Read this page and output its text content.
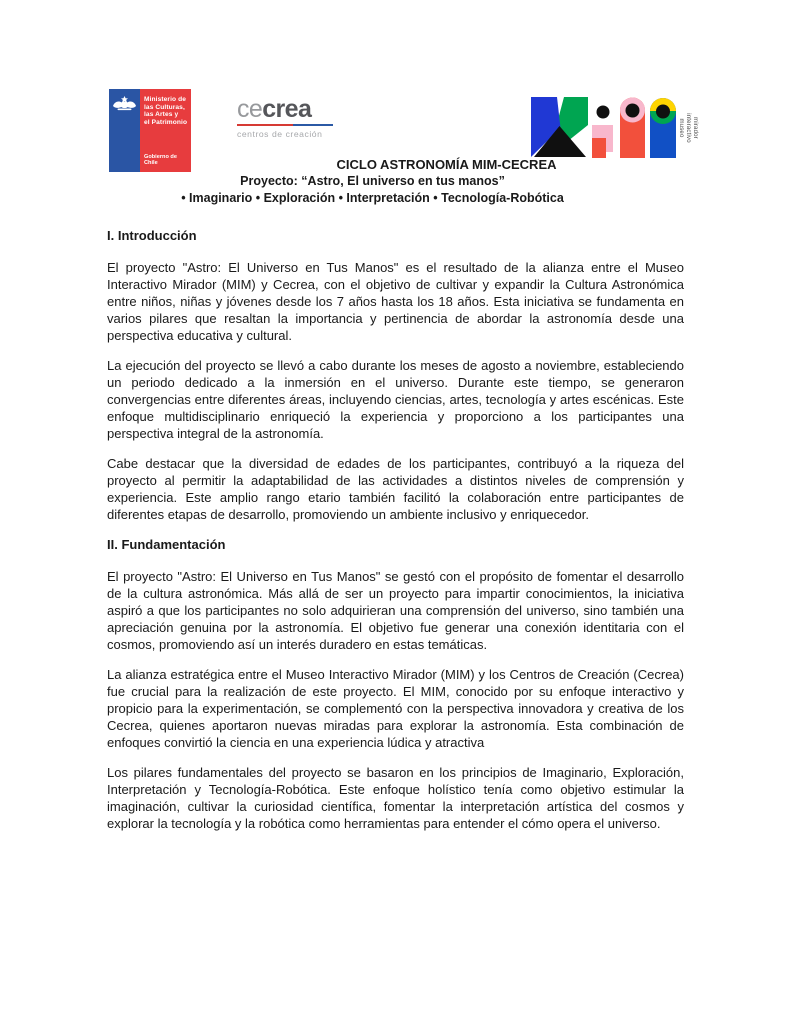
Ministerio de
las Culturas,
las Artes y
el Patrimonio
Gobierno de Chile
cecrea
centros de creación	mirador
interactivo
museo
CICLO ASTRONOMÍA MIM-CECREA
Proyecto: “Astro, El universo en tus manos”
• Imaginario • Exploración • Interpretación • Tecnología-Robótica
I. Introducción

El proyecto "Astro: El Universo en Tus Manos" es el resultado de la alianza entre el Museo Interactivo Mirador (MIM) y Cecrea, con el objetivo de cultivar y expandir la Cultura Astronómica entre niños, niñas y jóvenes desde los 7 años hasta los 18 años. Esta iniciativa se fundamenta en varios pilares que resaltan la importancia y pertinencia de abordar la astronomía desde una perspectiva educativa y cultural.

La ejecución del proyecto se llevó a cabo durante los meses de agosto a noviembre, estableciendo un periodo dedicado a la inmersión en el universo. Durante este tiempo, se generaron convergencias entre diferentes áreas, incluyendo ciencias, artes, tecnología y artes escénicas. Este enfoque multidisciplinario enriqueció la experiencia y proporciono a los participantes una perspectiva integral de la astronomía.

Cabe destacar que la diversidad de edades de los participantes, contribuyó a la riqueza del proyecto al permitir la adaptabilidad de las actividades a distintos niveles de comprensión y experiencia. Este amplio rango etario también facilitó la colaboración entre participantes de diferentes etapas de desarrollo, promoviendo un ambiente inclusivo y enriquecedor.

II. Fundamentación

El proyecto "Astro: El Universo en Tus Manos" se gestó con el propósito de fomentar el desarrollo de la cultura astronómica. Más allá de ser un proyecto para impartir conocimientos, la iniciativa aspiró a que los participantes no solo adquirieran una comprensión del universo, sino también una apreciación genuina por la astronomía. El objetivo fue generar una conexión identitaria con el cosmos, promoviendo así un interés duradero en estas temáticas.

La alianza estratégica entre el Museo Interactivo Mirador (MIM) y los Centros de Creación (Cecrea) fue crucial para la realización de este proyecto. El MIM, conocido por su enfoque interactivo y propicio para la experimentación, se complementó con la perspectiva innovadora y creativa de los Cecrea, quienes aportaron nuevas miradas para explorar la astronomía. Esta combinación de enfoques convirtió la ciencia en una experiencia lúdica y atractiva

Los pilares fundamentales del proyecto se basaron en los principios de Imaginario, Exploración, Interpretación y Tecnología-Robótica. Este enfoque holístico tenía como objetivo estimular la imaginación, cultivar la curiosidad científica, fomentar la interpretación artística del cosmos y explorar la tecnología y la robótica como herramientas para entender el cómo opera el universo.
